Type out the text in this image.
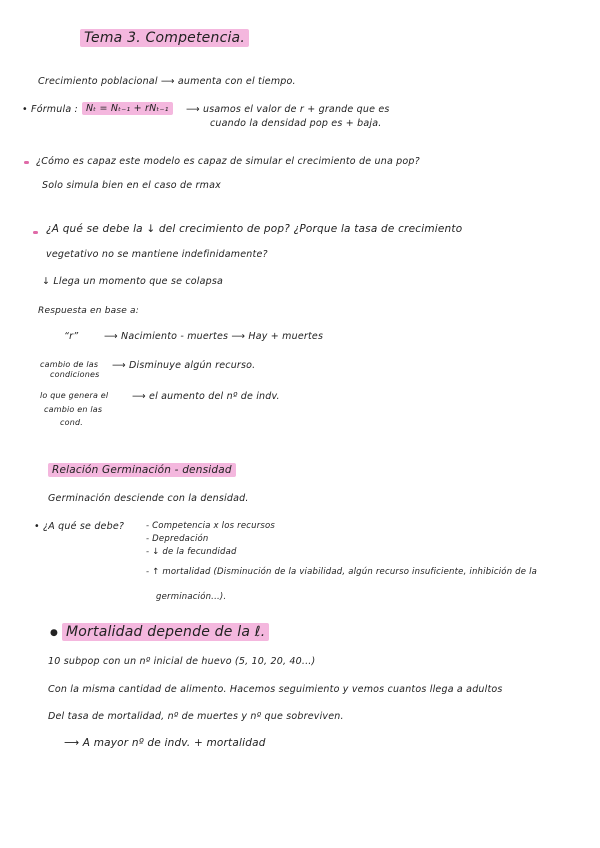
Tema 3. Competencia.
Crecimiento poblacional ⟶ aumenta con el tiempo.
• Fórmula : Nₜ = Nₜ₋₁ + rNₜ₋₁	⟶ usamos el valor de r + grande que es
cuando la densidad pop es + baja.
¿Cómo es capaz este modelo es capaz de simular el crecimiento de una pop?
Solo simula bien en el caso de rmax
¿A qué se debe la ↓ del crecimiento de pop? ¿Porque la tasa de crecimiento
vegetativo no se mantiene indefinidamente?
↓ Llega un momento que se colapsa
Respuesta en base a:
“r”	⟶ Nacimiento - muertes ⟶ Hay + muertes
cambio de las
condiciones
⟶ Disminuye algún recurso.
lo que genera el
cambio en las
cond.
⟶ el aumento del nº de indv.
Relación Germinación - densidad
Germinación desciende con la densidad.
• ¿A qué se debe?	- Competencia x los recursos
- Depredación
- ↓ de la fecundidad
- ↑ mortalidad (Disminución de la viabilidad, algún recurso insuficiente, inhibición de la
germinación...).
● Mortalidad depende de la ℓ.
10 subpop con un nº inicial de huevo (5, 10, 20, 40...)
Con la misma cantidad de alimento. Hacemos seguimiento y vemos cuantos llega a adultos
Del tasa de mortalidad, nº de muertes y nº que sobreviven.
⟶ A mayor nº de indv. + mortalidad
